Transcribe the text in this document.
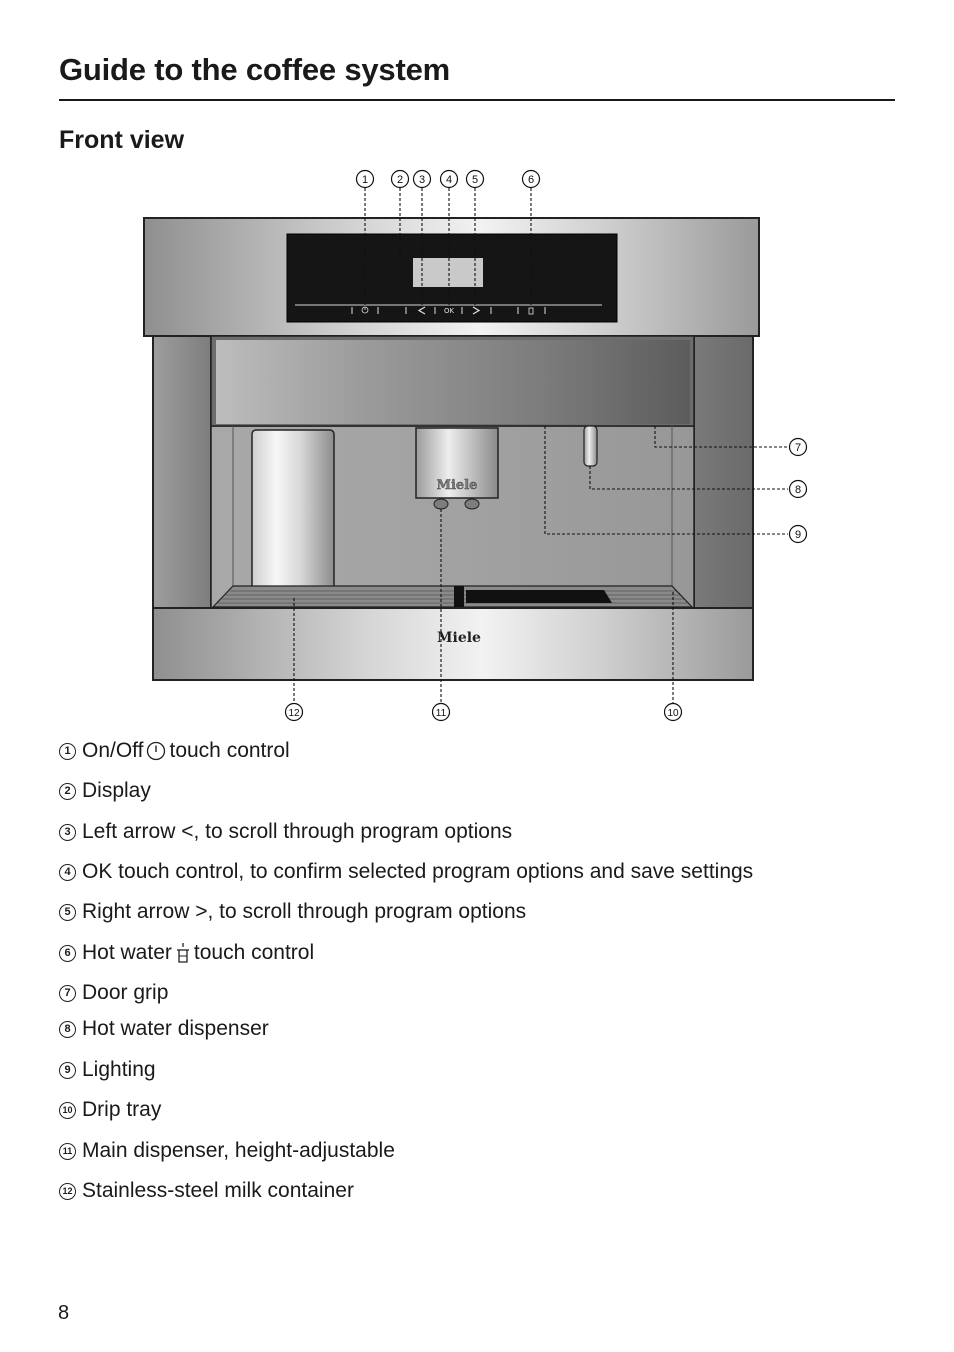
Guide to the coffee system
Front view
OK
Miele
Miele
1	2 3 4 5	6
7
8
9
10
11
12
1 On/Off touch control
2 Display
3 Left arrow <, to scroll through program options
4 OK touch control, to confirm selected program options and save settings
5 Right arrow >, to scroll through program options
6 Hot water touch control
7 Door grip
8 Hot water dispenser
9 Lighting
10 Drip tray
11 Main dispenser, height-adjustable
12 Stainless-steel milk container
8
